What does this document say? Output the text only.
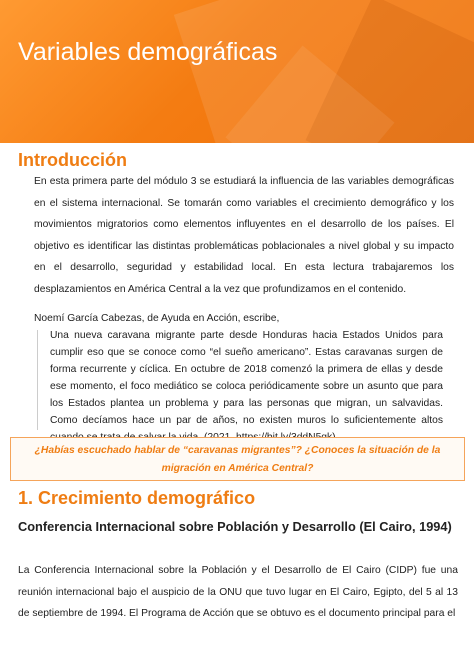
Variables demográficas
Introducción

En esta primera parte del módulo 3 se estudiará la influencia de las variables demográficas en el sistema internacional. Se tomarán como variables el crecimiento demográfico y los movimientos migratorios como elementos influyentes en el desarrollo de los países. El objetivo es identificar las distintas problemáticas poblacionales a nivel global y su impacto en el desarrollo, seguridad y estabilidad local. En esta lectura trabajaremos los desplazamientos en América Central a la vez que profundizamos en el contenido.

Noemí García Cabezas, de Ayuda en Acción, escribe,

Una nueva caravana migrante parte desde Honduras hacia Estados Unidos para cumplir eso que se conoce como “el sueño americano”. Estas caravanas surgen de forma recurrente y cíclica. En octubre de 2018 comenzó la primera de ellas y desde ese momento, el foco mediático se coloca periódicamente sobre un asunto que para los Estados plantea un problema y para las personas que migran, un salvavidas. Como decíamos hace un par de años, no existen muros lo suficientemente altos

¿Habías escuchado hablar de “caravanas migrantes”? ¿Conoces la situación de la migración en América Central?

1. Crecimiento demográfico
Conferencia Internacional sobre Población y Desarrollo (El Cairo, 1994)

La Conferencia Internacional sobre la Población y el Desarrollo de El Cairo (CIDP) fue una reunión internacional bajo el auspicio de la ONU que tuvo lugar en El Cairo, Egipto, del 5 al 13 de septiembre de 1994. El Programa de Acción que se obtuvo es el documento principal para el
